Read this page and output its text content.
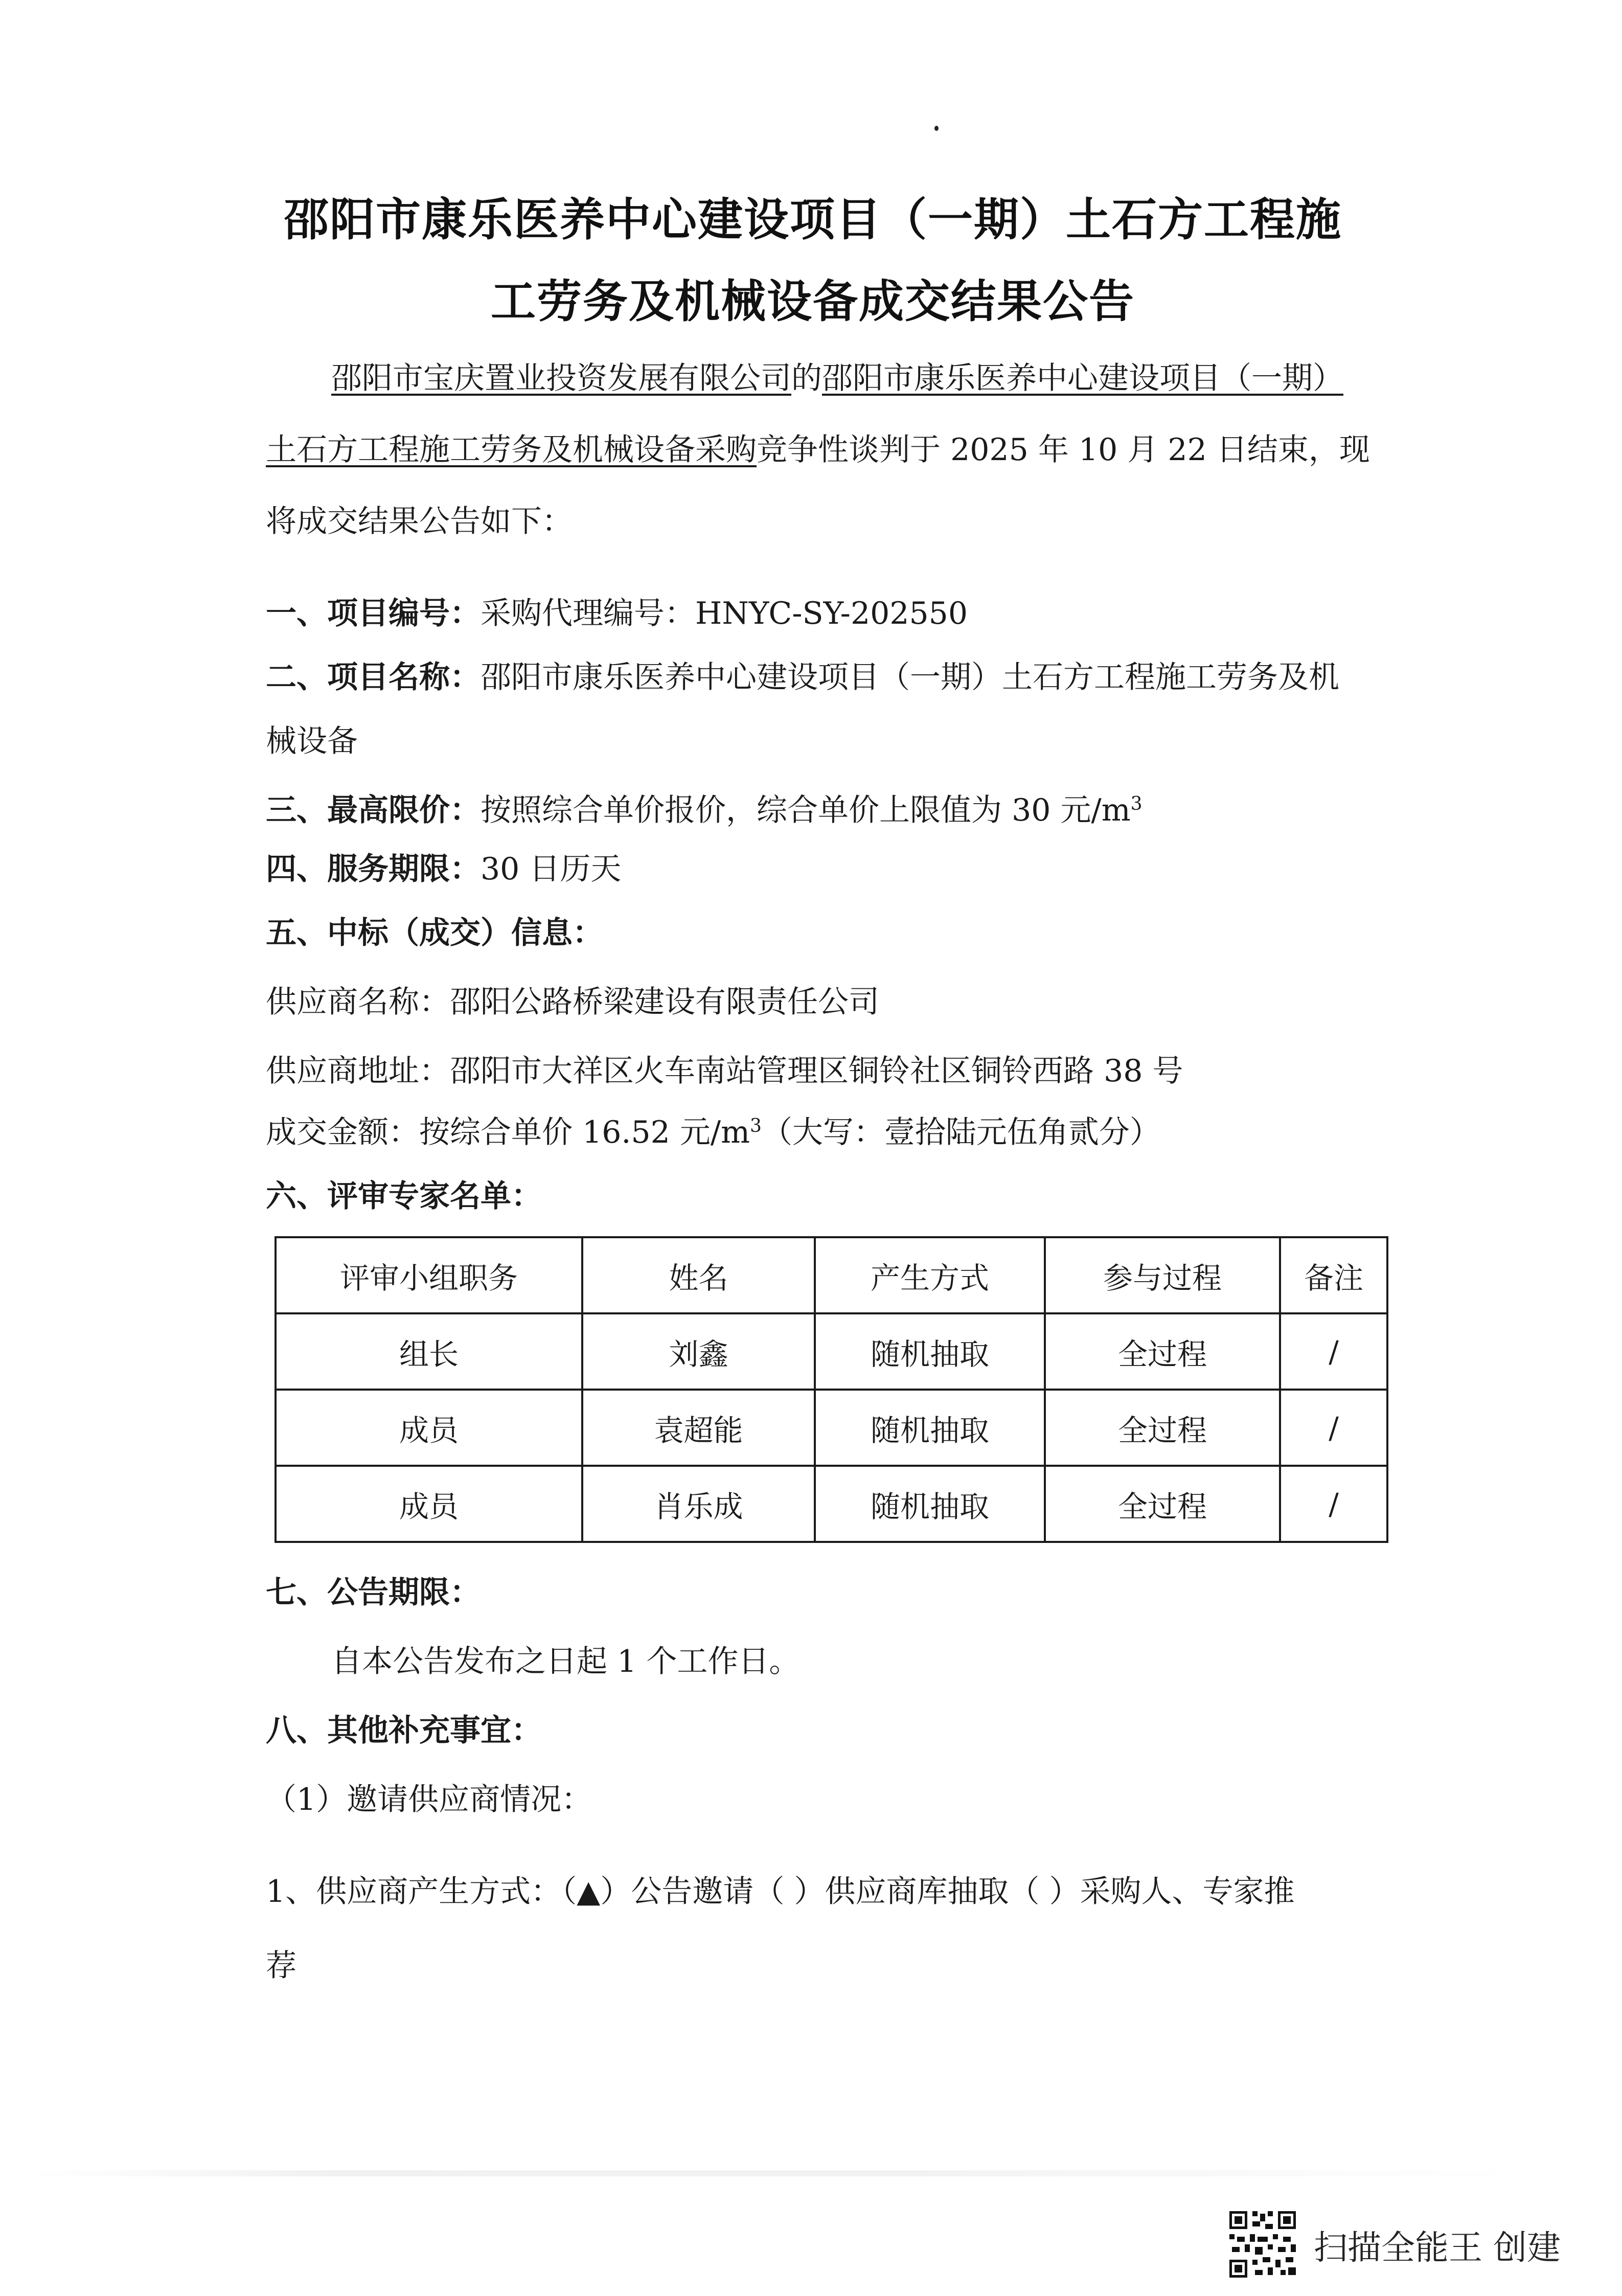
邵阳市康乐医养中心建设项目（一期）土石方工程施
工劳务及机械设备成交结果公告
邵阳市宝庆置业投资发展有限公司的邵阳市康乐医养中心建设项目（一期）
土石方工程施工劳务及机械设备采购竞争性谈判于 2025 年 10 月 22 日结束，现
将成交结果公告如下：
一、项目编号：采购代理编号：HNYC-SY-202550
二、项目名称：邵阳市康乐医养中心建设项目（一期）土石方工程施工劳务及机
械设备
三、最高限价：按照综合单价报价，综合单价上限值为 30 元$/m^3$
四、服务期限：30 日历天
五、中标（成交）信息：
供应商名称：邵阳公路桥梁建设有限责任公司
供应商地址：邵阳市大祥区火车南站管理区铜铃社区铜铃西路 38 号
成交金额：按综合单价 16.52 元$/m^3$（大写：壹拾陆元伍角贰分）
六、评审专家名单：
评审小组职务	姓名	产生方式	参与过程	备注
组长	刘鑫	随机抽取	全过程	/
成员	袁超能	随机抽取	全过程	/
成员	肖乐成	随机抽取	全过程	/
七、公告期限：
自本公告发布之日起 1 个工作日。
八、其他补充事宜：
（1）邀请供应商情况：
1、供应商产生方式：（▲）公告邀请（ ）供应商库抽取（ ）采购人、专家推
荐
扫描全能王 创建
